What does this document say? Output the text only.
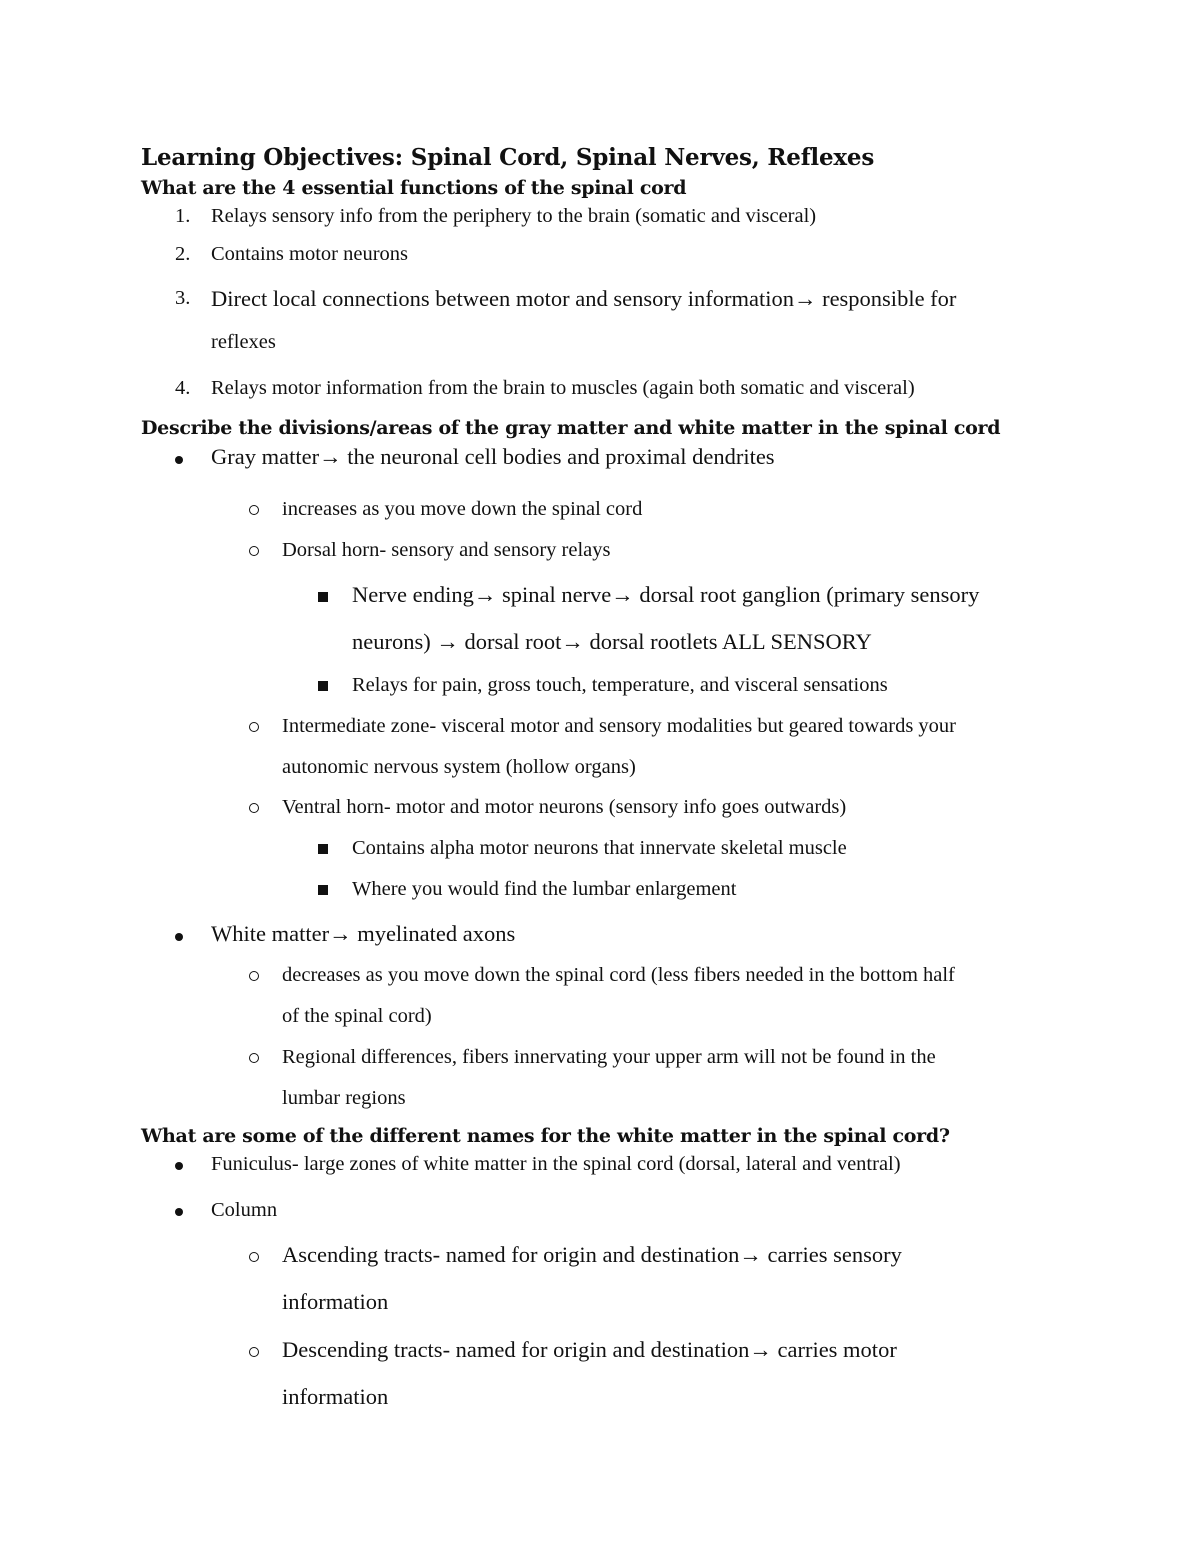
Learning Objectives: Spinal Cord, Spinal Nerves, Reflexes
What are the 4 essential functions of the spinal cord
1. Relays sensory info from the periphery to the brain (somatic and visceral)
2. Contains motor neurons
3. Direct local connections between motor and sensory information→ responsible for
reflexes
4. Relays motor information from the brain to muscles (again both somatic and visceral)
Describe the divisions/areas of the gray matter and white matter in the spinal cord
Gray matter→ the neuronal cell bodies and proximal dendrites
increases as you move down the spinal cord
Dorsal horn- sensory and sensory relays
Nerve ending→ spinal nerve→ dorsal root ganglion (primary sensory
neurons) → dorsal root→ dorsal rootlets ALL SENSORY
Relays for pain, gross touch, temperature, and visceral sensations
Intermediate zone- visceral motor and sensory modalities but geared towards your
autonomic nervous system (hollow organs)
Ventral horn- motor and motor neurons (sensory info goes outwards)
Contains alpha motor neurons that innervate skeletal muscle
Where you would find the lumbar enlargement
White matter→ myelinated axons
decreases as you move down the spinal cord (less fibers needed in the bottom half
of the spinal cord)
Regional differences, fibers innervating your upper arm will not be found in the
lumbar regions
What are some of the different names for the white matter in the spinal cord?
Funiculus- large zones of white matter in the spinal cord (dorsal, lateral and ventral)
Column
Ascending tracts- named for origin and destination→ carries sensory
information
Descending tracts- named for origin and destination→ carries motor
information
